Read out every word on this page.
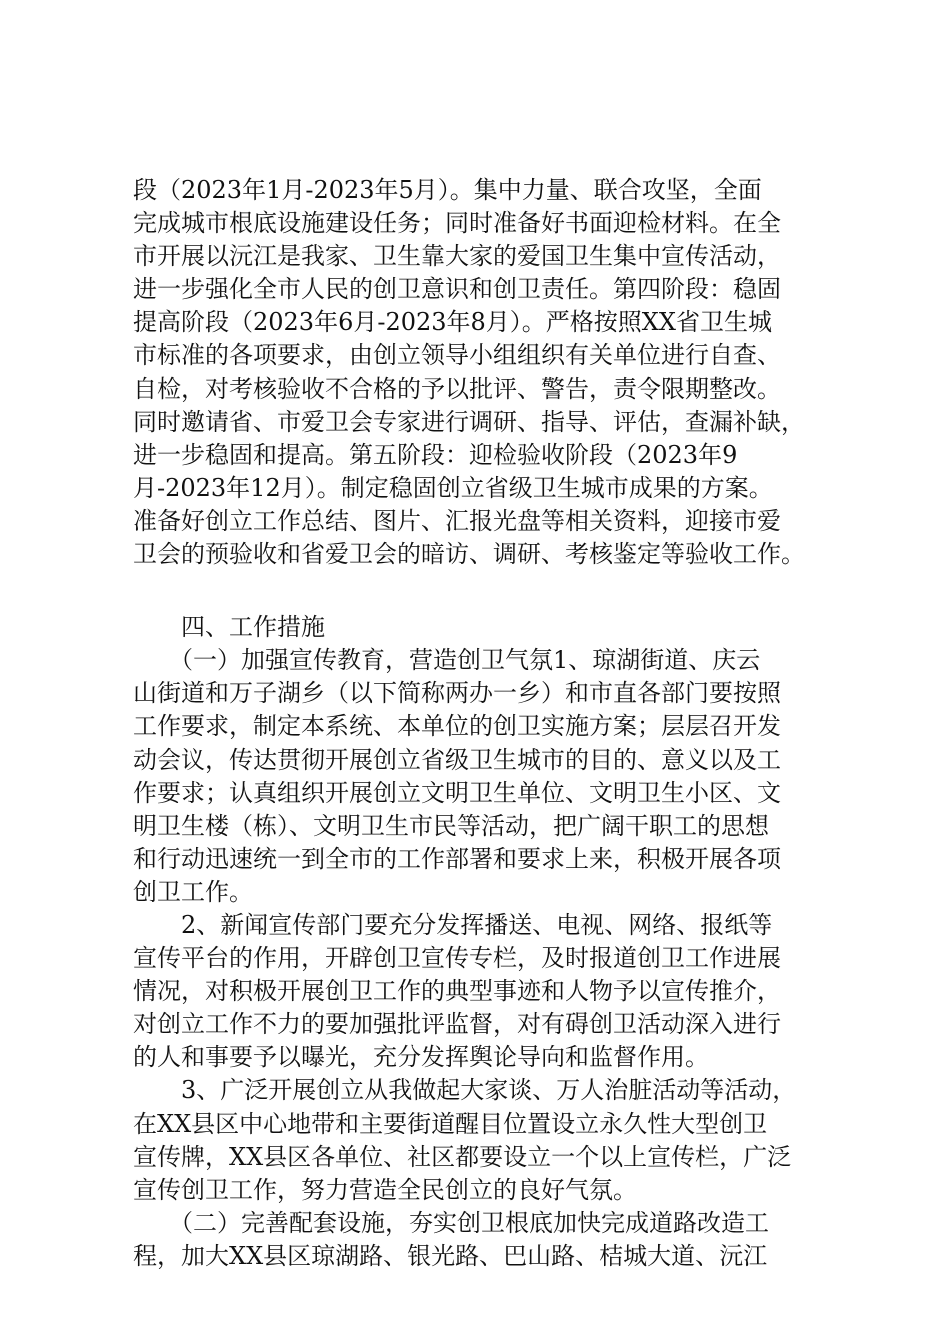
段（2023年1月-2023年5月）。集中力量、联合攻坚，全面
完成城市根底设施建设任务；同时准备好书面迎检材料。在全
市开展以沅江是我家、卫生靠大家的爱国卫生集中宣传活动，
进一步强化全市人民的创卫意识和创卫责任。第四阶段：稳固
提高阶段（2023年6月-2023年8月）。严格按照XX省卫生城
市标准的各项要求，由创立领导小组组织有关单位进行自查、
自检，对考核验收不合格的予以批评、警告，责令限期整改。
同时邀请省、市爱卫会专家进行调研、指导、评估，查漏补缺，
进一步稳固和提高。第五阶段：迎检验收阶段（2023年9
月-2023年12月）。制定稳固创立省级卫生城市成果的方案。
准备好创立工作总结、图片、汇报光盘等相关资料，迎接市爱
卫会的预验收和省爱卫会的暗访、调研、考核鉴定等验收工作。
　　四、工作措施
　　（一）加强宣传教育，营造创卫气氛1、琼湖街道、庆云
山街道和万子湖乡（以下简称两办一乡）和市直各部门要按照
工作要求，制定本系统、本单位的创卫实施方案；层层召开发
动会议，传达贯彻开展创立省级卫生城市的目的、意义以及工
作要求；认真组织开展创立文明卫生单位、文明卫生小区、文
明卫生楼（栋）、文明卫生市民等活动，把广阔干职工的思想
和行动迅速统一到全市的工作部署和要求上来，积极开展各项
创卫工作。
　　2、新闻宣传部门要充分发挥播送、电视、网络、报纸等
宣传平台的作用，开辟创卫宣传专栏，及时报道创卫工作进展
情况，对积极开展创卫工作的典型事迹和人物予以宣传推介，
对创立工作不力的要加强批评监督，对有碍创卫活动深入进行
的人和事要予以曝光，充分发挥舆论导向和监督作用。
　　3、广泛开展创立从我做起大家谈、万人治脏活动等活动，
在XX县区中心地带和主要街道醒目位置设立永久性大型创卫
宣传牌，XX县区各单位、社区都要设立一个以上宣传栏，广泛
宣传创卫工作，努力营造全民创立的良好气氛。
　　（二）完善配套设施，夯实创卫根底加快完成道路改造工
程，加大XX县区琼湖路、银光路、巴山路、桔城大道、沅江
